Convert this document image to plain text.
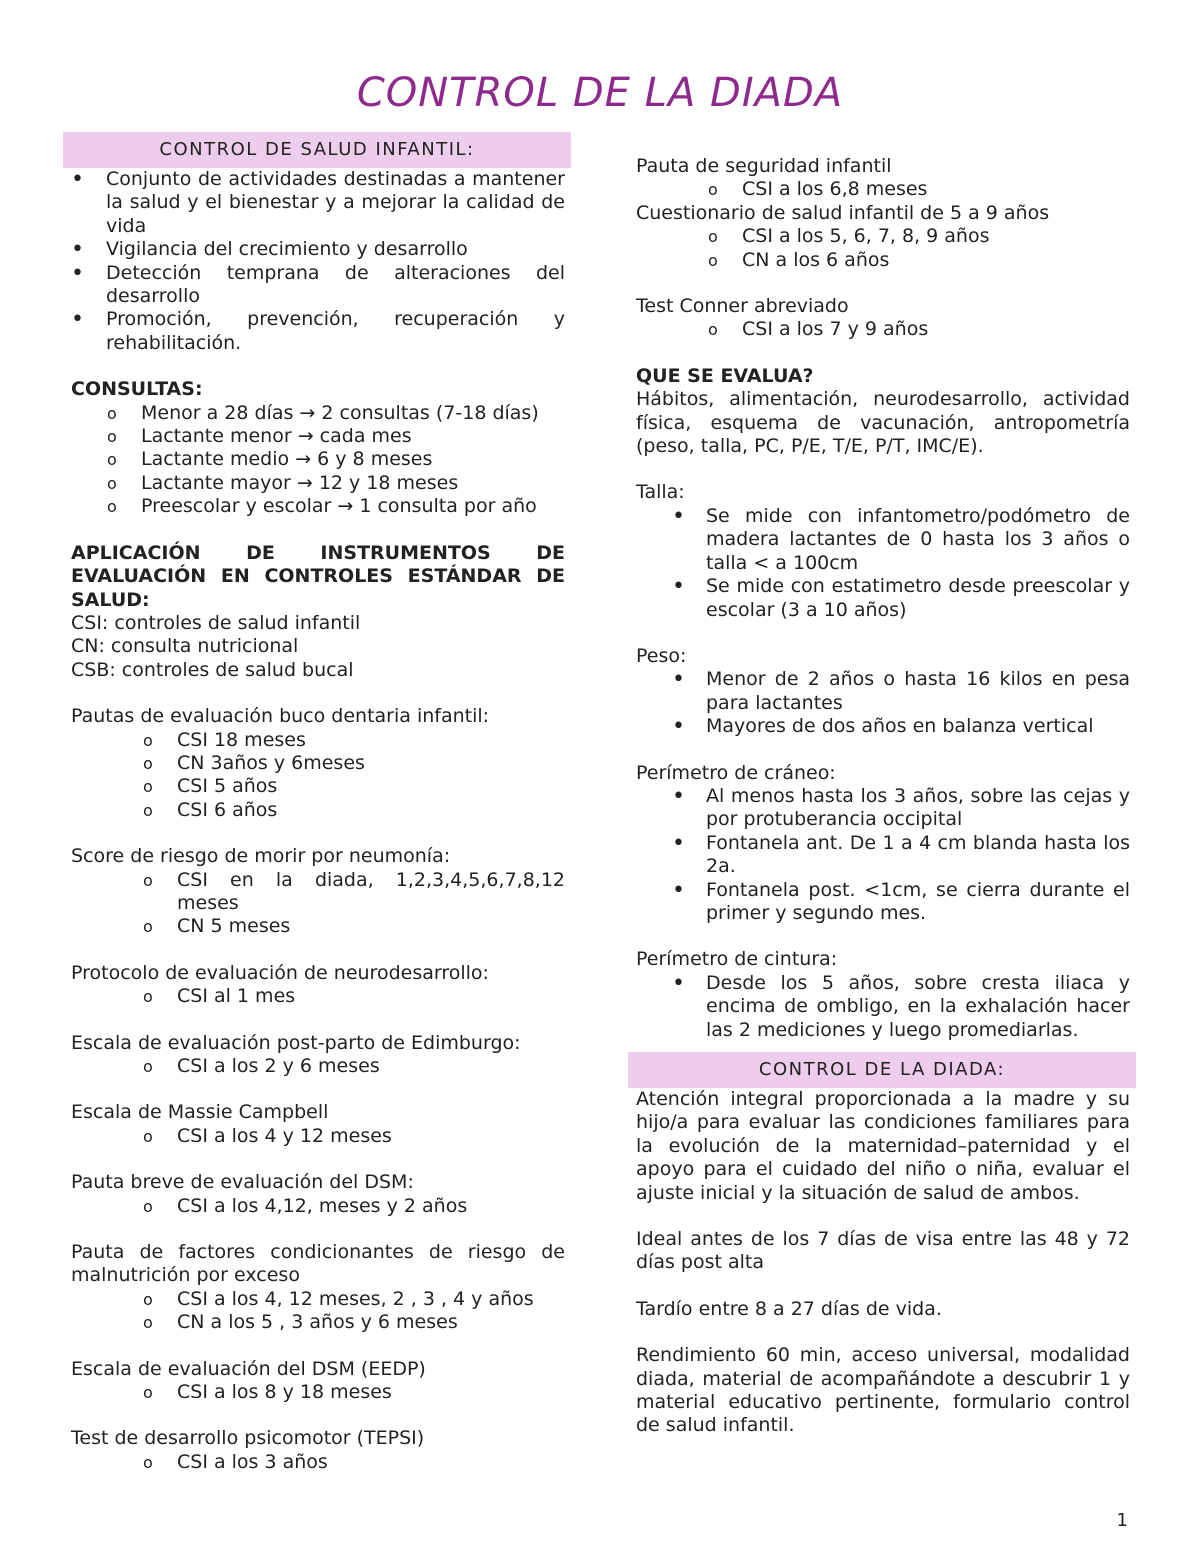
CONTROL DE LA DIADA
CONTROL DE SALUD INFANTIL:
• Conjunto de actividades destinadas a mantener la salud y el bienestar y a mejorar la calidad de vida
• Vigilancia del crecimiento y desarrollo
• Detección temprana de alteraciones del desarrollo
• Promoción, prevención, recuperación y rehabilitación.

CONSULTAS:

o Menor a 28 días → 2 consultas (7-18 días)
o Lactante menor → cada mes
o Lactante medio → 6 y 8 meses
o Lactante mayor → 12 y 18 meses
o Preescolar y escolar → 1 consulta por año

APLICACIÓN DE INSTRUMENTOS DE EVALUACIÓN EN CONTROLES ESTÁNDAR DE SALUD:

CSI: controles de salud infantil

CN: consulta nutricional

CSB: controles de salud bucal

Pautas de evaluación buco dentaria infantil:

o CSI 18 meses
o CN 3años y 6meses
o CSI 5 años
o CSI 6 años

Score de riesgo de morir por neumonía:

o CSI en la diada, 1,2,3,4,5,6,7,8,12 meses
o CN 5 meses

Protocolo de evaluación de neurodesarrollo:

o CSI al 1 mes

Escala de evaluación post-parto de Edimburgo:

o CSI a los 2 y 6 meses

Escala de Massie Campbell

o CSI a los 4 y 12 meses

Pauta breve de evaluación del DSM:

o CSI a los 4,12, meses y 2 años

Pauta de factores condicionantes de riesgo de malnutrición por exceso

o CSI a los 4, 12 meses, 2 , 3 , 4 y años
o CN a los 5 , 3 años y 6 meses

Escala de evaluación del DSM (EEDP)

o CSI a los 8 y 18 meses

Test de desarrollo psicomotor (TEPSI)

o CSI a los 3 años

Pauta de seguridad infantil

o CSI a los 6,8 meses

Cuestionario de salud infantil de 5 a 9 años

o CSI a los 5, 6, 7, 8, 9 años
o CN a los 6 años

Test Conner abreviado

o CSI a los 7 y 9 años

QUE SE EVALUA?

Hábitos, alimentación, neurodesarrollo, actividad física, esquema de vacunación, antropometría (peso, talla, PC, P/E, T/E, P/T, IMC/E).

Talla:

• Se mide con infantometro/podómetro de madera lactantes de 0 hasta los 3 años o talla < a 100cm
• Se mide con estatimetro desde preescolar y escolar (3 a 10 años)

Peso:

• Menor de 2 años o hasta 16 kilos en pesa para lactantes
• Mayores de dos años en balanza vertical

Perímetro de cráneo:

• Al menos hasta los 3 años, sobre las cejas y por protuberancia occipital
• Fontanela ant. De 1 a 4 cm blanda hasta los 2a.
• Fontanela post. <1cm, se cierra durante el primer y segundo mes.

Perímetro de cintura:

• Desde los 5 años, sobre cresta iliaca y encima de ombligo, en la exhalación hacer las 2 mediciones y luego promediarlas.
CONTROL DE LA DIADA:

Atención integral proporcionada a la madre y su hijo/a para evaluar las condiciones familiares para la evolución de la maternidad–paternidad y el apoyo para el cuidado del niño o niña, evaluar el ajuste inicial y la situación de salud de ambos.

Ideal antes de los 7 días de visa entre las 48 y 72 días post alta

Tardío entre 8 a 27 días de vida.

Rendimiento 60 min, acceso universal, modalidad diada, material de acompañándote a descubrir 1 y material educativo pertinente, formulario control de salud infantil.

1
